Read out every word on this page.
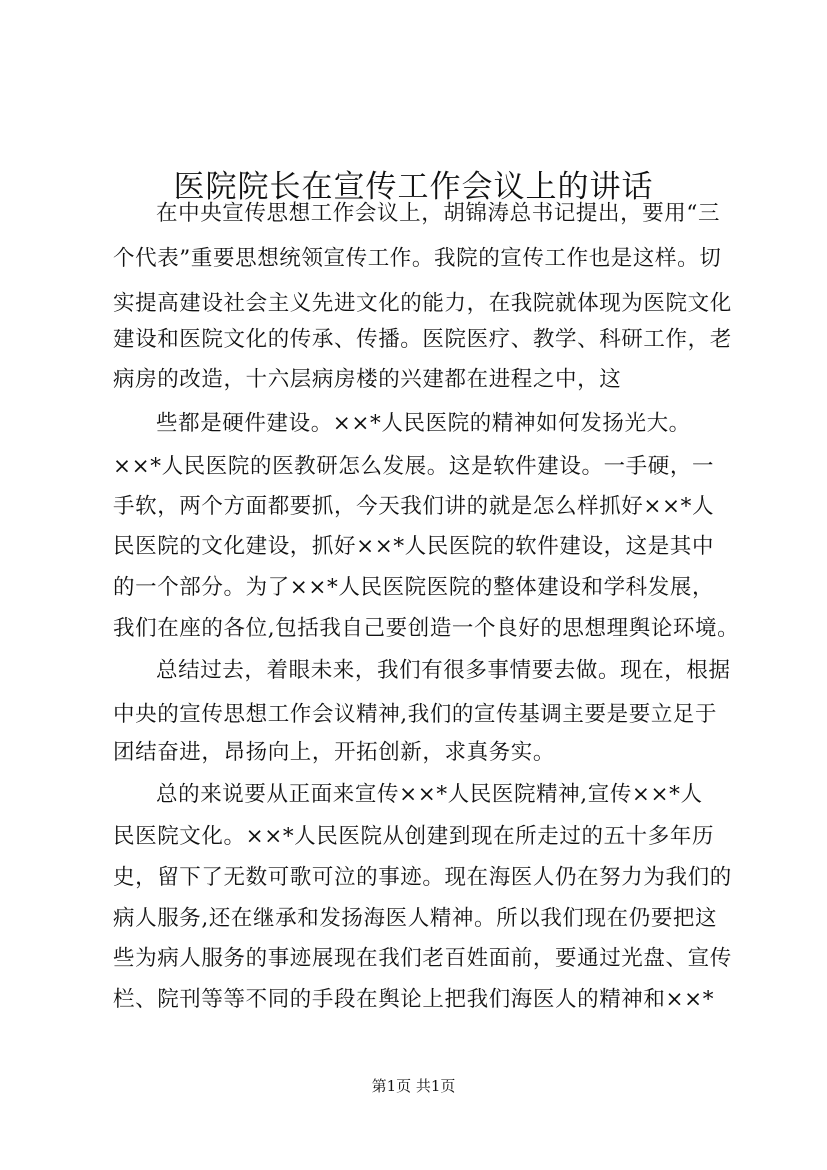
医院院长在宣传工作会议上的讲话
在中央宣传思想工作会议上，胡锦涛总书记提出，要用“三
个代表”重要思想统领宣传工作。我院的宣传工作也是这样。切
实提高建设社会主义先进文化的能力，在我院就体现为医院文化
建设和医院文化的传承、传播。医院医疗、教学、科研工作，老
病房的改造，十六层病房楼的兴建都在进程之中，这
些都是硬件建设。××*人民医院的精神如何发扬光大。
××*人民医院的医教研怎么发展。这是软件建设。一手硬，一
手软，两个方面都要抓，今天我们讲的就是怎么样抓好××*人
民医院的文化建设，抓好××*人民医院的软件建设，这是其中
的一个部分。为了××*人民医院医院的整体建设和学科发展，
我们在座的各位,包括我自己要创造一个良好的思想理舆论环境。
总结过去，着眼未来，我们有很多事情要去做。现在，根据
中央的宣传思想工作会议精神,我们的宣传基调主要是要立足于
团结奋进，昂扬向上，开拓创新，求真务实。
总的来说要从正面来宣传××*人民医院精神,宣传××*人
民医院文化。××*人民医院从创建到现在所走过的五十多年历
史，留下了无数可歌可泣的事迹。现在海医人仍在努力为我们的
病人服务,还在继承和发扬海医人精神。所以我们现在仍要把这
些为病人服务的事迹展现在我们老百姓面前，要通过光盘、宣传
栏、院刊等等不同的手段在舆论上把我们海医人的精神和××*
第1页 共1页
